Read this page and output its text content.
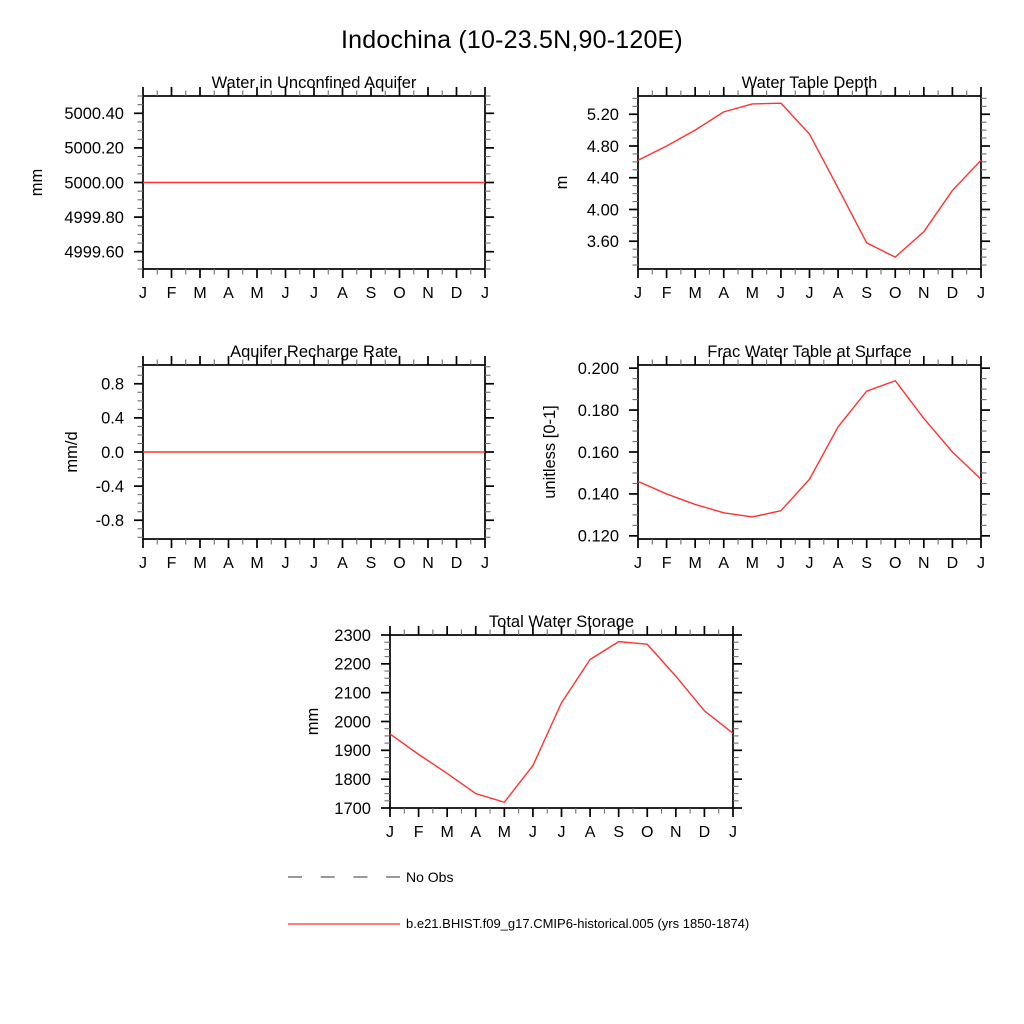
Indochina (10-23.5N,90-120E)
J F M A M J J A S O N D J
4999.60
4999.80
5000.00
5000.20
5000.40
Water in Unconfined Aquifer
mm
J F M A M J J A S O N D J
3.60
4.00
4.40
4.80
5.20
Water Table Depth
m
J F M A M J J A S O N D J
-0.8
-0.4
0.0
0.4
0.8
Aquifer Recharge Rate
mm/d
J F M A M J J A S O N D J
0.120
0.140
0.160
0.180
0.200
Frac Water Table at Surface
unitless [0-1]
J F M A M J J A S O N D J
1700
1800
1900
2000
2100
2200
2300
Total Water Storage
mm
No Obs
b.e21.BHIST.f09_g17.CMIP6-historical.005 (yrs 1850-1874)
